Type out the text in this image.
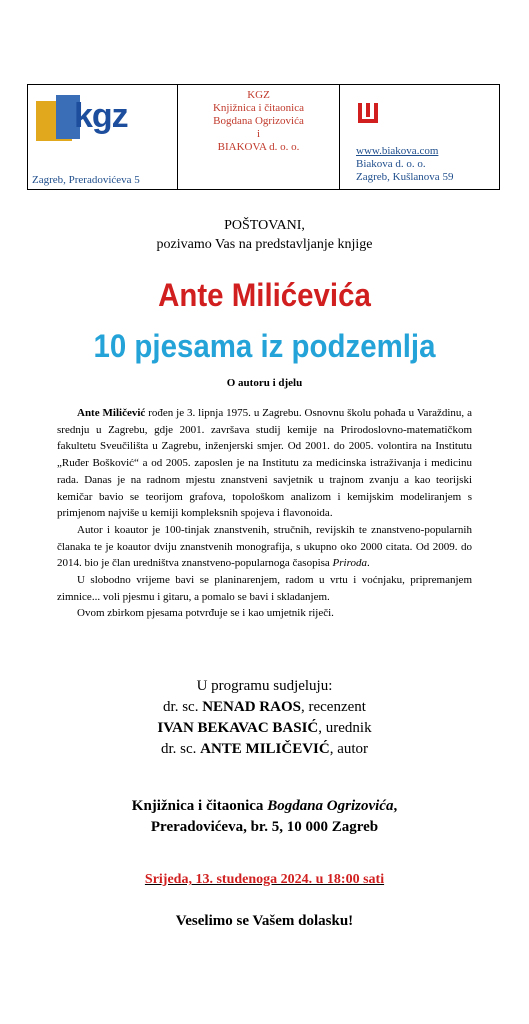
kgz
Zagreb, Preradovićeva 5
KGZ
Knjižnica i čitaonica
Bogdana Ogrizovića
i
BIAKOVA d. o. o.	www.biakova.com
Biakova d. o. o.
Zagreb, Kušlanova 59
POŠTOVANI,
pozivamo Vas na predstavljanje knjige
Ante Milićevića
10 pjesama iz podzemlja
O autoru i djelu

Ante Miličević rođen je 3. lipnja 1975. u Zagrebu. Osnovnu školu pohađa u Varaždinu, a srednju u Zagrebu, gdje 2001. završava studij kemije na Prirodoslovno-matematičkom fakultetu Sveučilišta u Zagrebu, inženjerski smjer. Od 2001. do 2005. volontira na Institutu „Ruđer Bošković“ a od 2005. zaposlen je na Institutu za medicinska istraživanja i medicinu rada. Danas je na radnom mjestu znanstveni savjetnik u trajnom zvanju a kao teorijski kemičar bavio se teorijom grafova, topološkom analizom i kemijskim modeliranjem s primjenom najviše u kemiji kompleksnih spojeva i flavonoida.

Autor i koautor je 100-tinjak znanstvenih, stručnih, revijskih te znanstveno-popularnih članaka te je koautor dviju znanstvenih monografija, s ukupno oko 2000 citata. Od 2009. do 2014. bio je član uredništva znanstveno-popularnoga časopisa Priroda.

U slobodno vrijeme bavi se planinarenjem, radom u vrtu i voćnjaku, pripremanjem zimnice... voli pjesmu i gitaru, a pomalo se bavi i skladanjem.

Ovom zbirkom pjesama potvrđuje se i kao umjetnik riječi.

U programu sudjeluju:
dr. sc. NENAD RAOS, recenzent
IVAN BEKAVAC BASIĆ, urednik
dr. sc. ANTE MILIČEVIĆ, autor
Knjižnica i čitaonica Bogdana Ogrizovića,
Preradovićeva, br. 5, 10 000 Zagreb
Srijeda, 13. studenoga 2024. u 18:00 sati
Veselimo se Vašem dolasku!
